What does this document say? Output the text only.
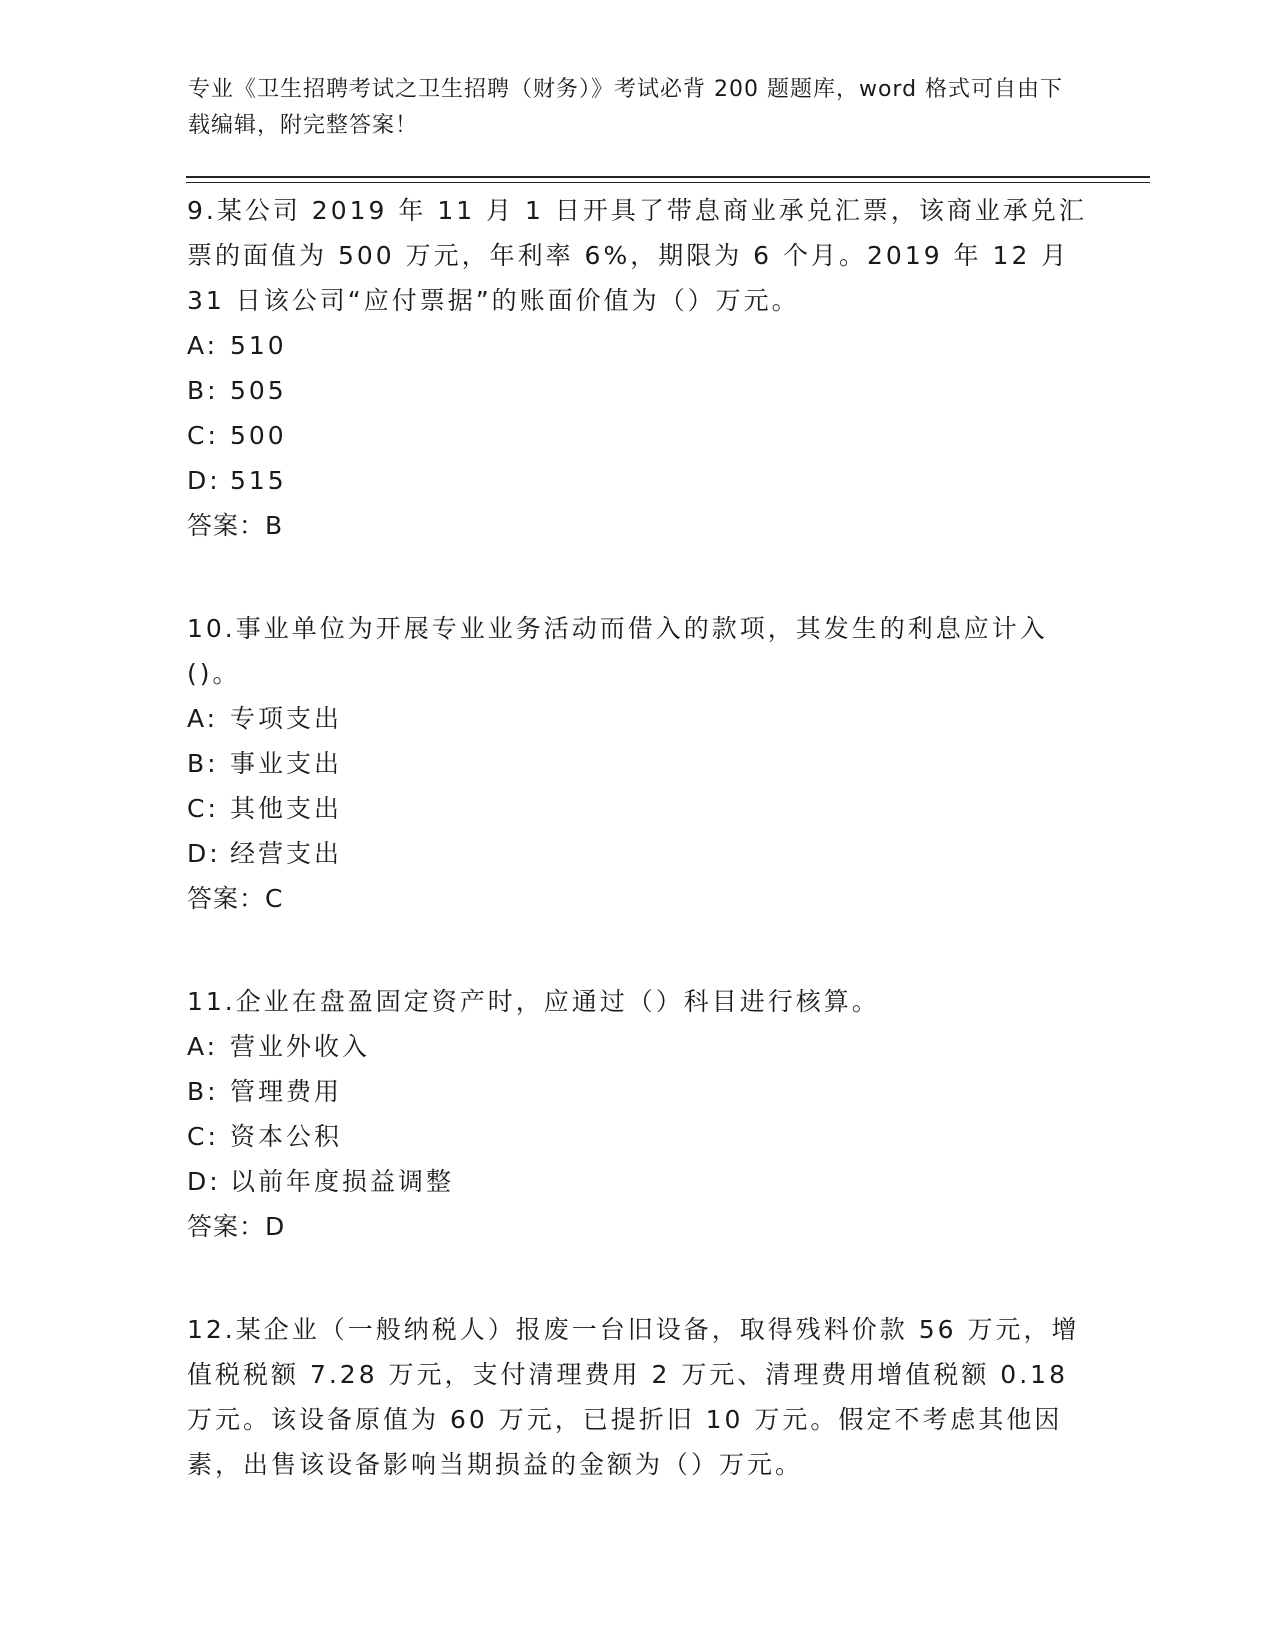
专业《卫生招聘考试之卫生招聘（财务）》考试必背 200 题题库，word 格式可自由下载编辑，附完整答案！

9.某公司 2019 年 11 月 1 日开具了带息商业承兑汇票，该商业承兑汇票的面值为 500 万元，年利率 6%，期限为 6 个月。2019 年 12 月 31 日该公司“应付票据”的账面价值为（）万元。

A: 510
B: 505
C: 500
D: 515
答案：B

10.事业单位为开展专业业务活动而借入的款项，其发生的利息应计入()。

A: 专项支出
B: 事业支出
C: 其他支出
D: 经营支出
答案：C

11.企业在盘盈固定资产时，应通过（）科目进行核算。

A: 营业外收入
B: 管理费用
C: 资本公积
D: 以前年度损益调整
答案：D

12.某企业（一般纳税人）报废一台旧设备，取得残料价款 56 万元，增值税税额 7.28 万元，支付清理费用 2 万元、清理费用增值税额 0.18万元。该设备原值为 60 万元，已提折旧 10 万元。假定不考虑其他因素，出售该设备影响当期损益的金额为（）万元。
